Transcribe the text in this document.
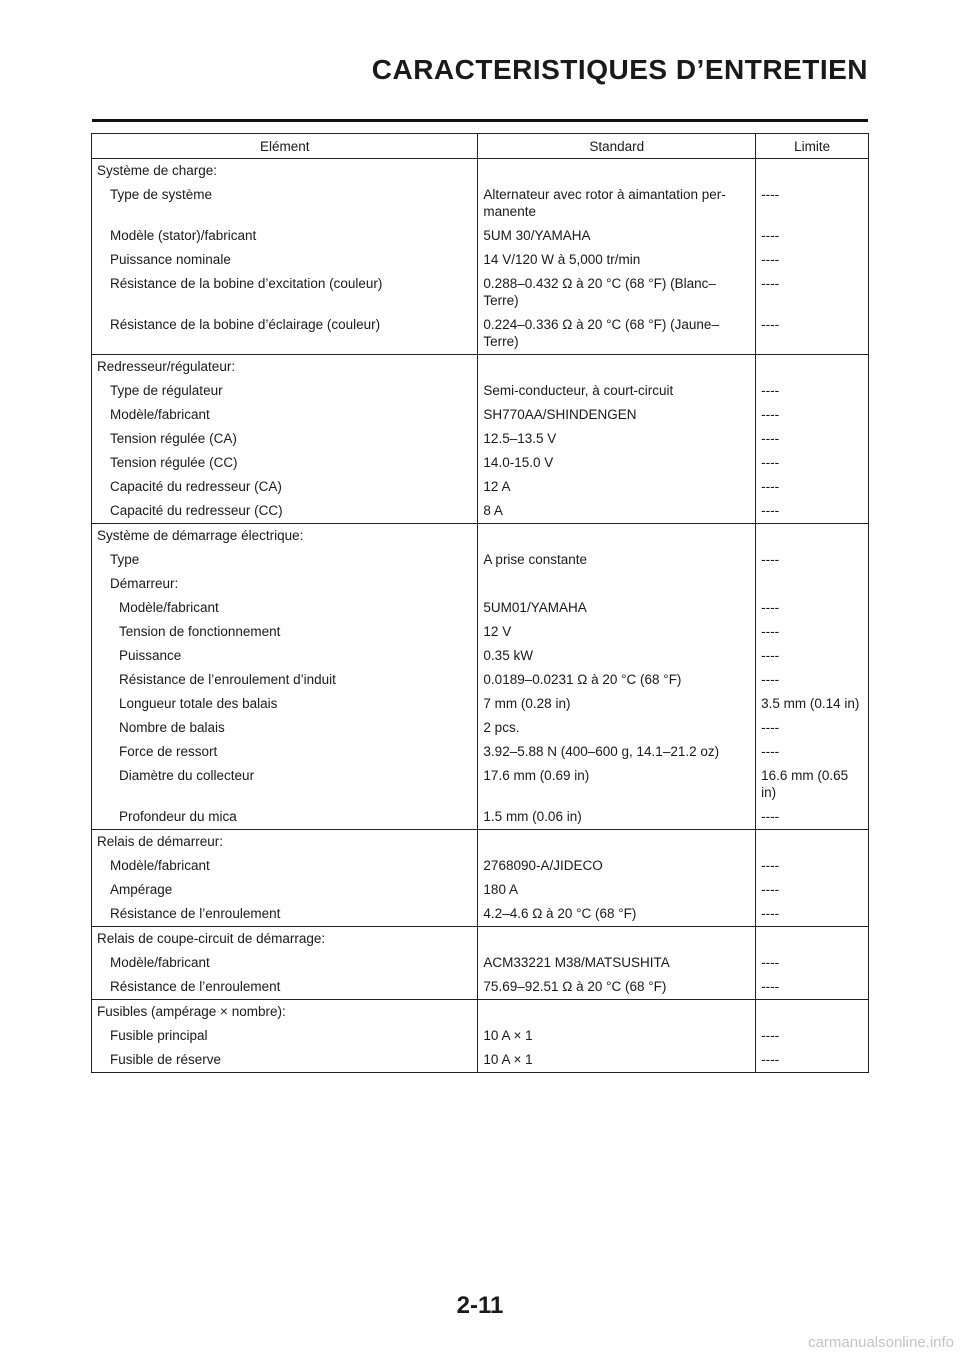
CARACTERISTIQUES D’ENTRETIEN
Elément	Standard	Limite
Système de charge:		
Type de système	Alternateur avec rotor à aimantation per-manente	----
Modèle (stator)/fabricant	5UM 30/YAMAHA	----
Puissance nominale	14 V/120 W à 5,000 tr/min	----
Résistance de la bobine d’excitation (couleur)	0.288–0.432 Ω à 20 °C (68 °F) (Blanc–Terre)	----
Résistance de la bobine d’éclairage (couleur)	0.224–0.336 Ω à 20 °C (68 °F) (Jaune–Terre)	----
Redresseur/régulateur:		
Type de régulateur	Semi-conducteur, à court-circuit	----
Modèle/fabricant	SH770AA/SHINDENGEN	----
Tension régulée (CA)	12.5–13.5 V	----
Tension régulée (CC)	14.0-15.0 V	----
Capacité du redresseur (CA)	12 A	----
Capacité du redresseur (CC)	8 A	----
Système de démarrage électrique:		
Type	A prise constante	----
Démarreur:		
Modèle/fabricant	5UM01/YAMAHA	----
Tension de fonctionnement	12 V	----
Puissance	0.35 kW	----
Résistance de l’enroulement d’induit	0.0189–0.0231 Ω à 20 °C (68 °F)	----
Longueur totale des balais	7 mm (0.28 in)	3.5 mm (0.14 in)
Nombre de balais	2 pcs.	----
Force de ressort	3.92–5.88 N (400–600 g, 14.1–21.2 oz)	----
Diamètre du collecteur	17.6 mm (0.69 in)	16.6 mm (0.65 in)
Profondeur du mica	1.5 mm (0.06 in)	----
Relais de démarreur:		
Modèle/fabricant	2768090-A/JIDECO	----
Ampérage	180 A	----
Résistance de l’enroulement	4.2–4.6 Ω à 20 °C (68 °F)	----
Relais de coupe-circuit de démarrage:		
Modèle/fabricant	ACM33221 M38/MATSUSHITA	----
Résistance de l’enroulement	75.69–92.51 Ω à 20 °C (68 °F)	----
Fusibles (ampérage × nombre):		
Fusible principal	10 A × 1	----
Fusible de réserve	10 A × 1	----
2-11
carmanualsonline.info
